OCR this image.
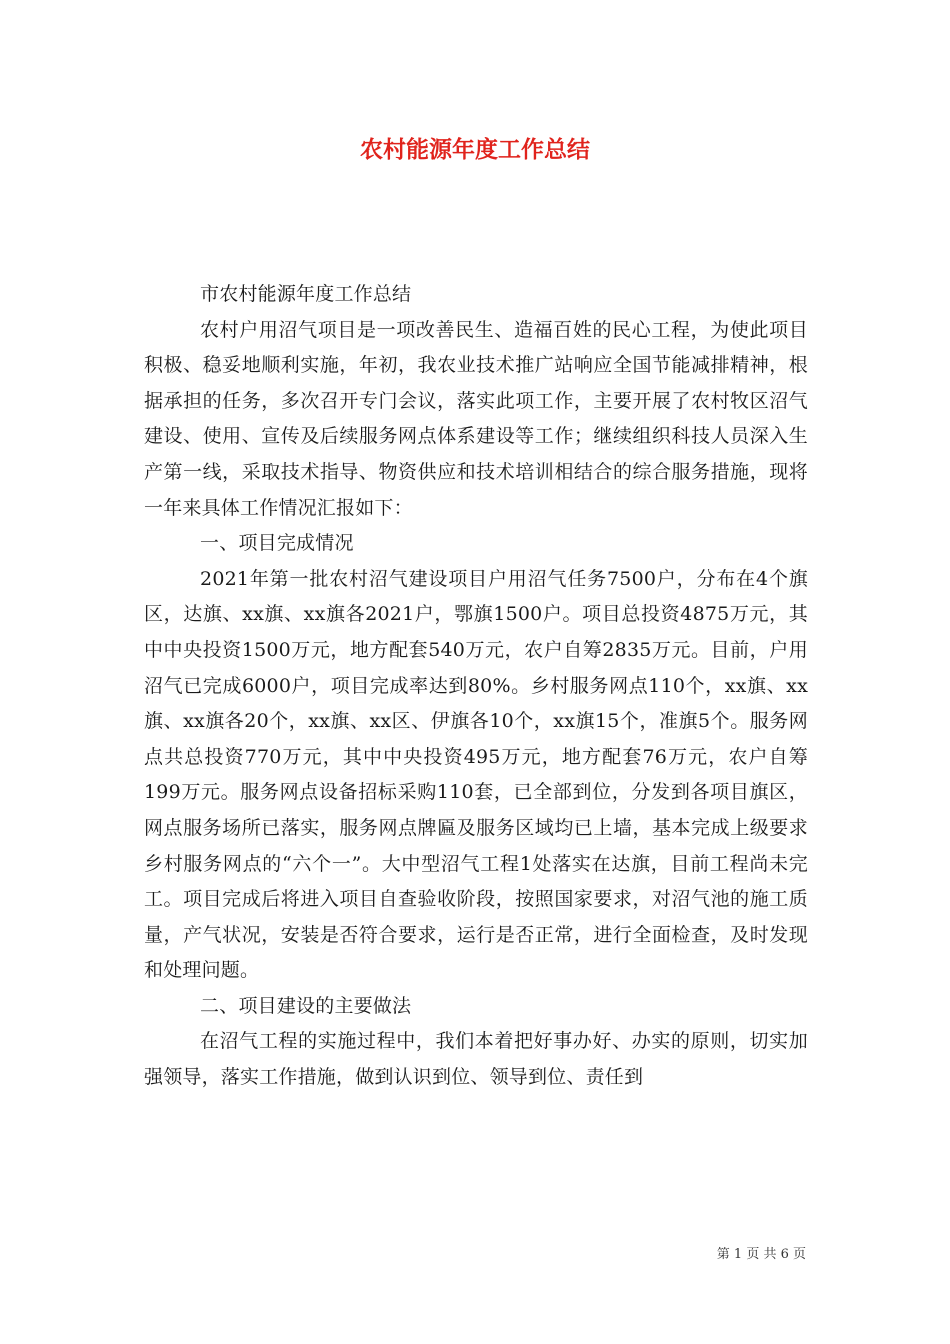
农村能源年度工作总结

市农村能源年度工作总结

农村户用沼气项目是一项改善民生、造福百姓的民心工程，为使此项目积极、稳妥地顺利实施，年初，我农业技术推广站响应全国节能减排精神，根据承担的任务，多次召开专门会议，落实此项工作，主要开展了农村牧区沼气建设、使用、宣传及后续服务网点体系建设等工作；继续组织科技人员深入生产第一线，采取技术指导、物资供应和技术培训相结合的综合服务措施，现将一年来具体工作情况汇报如下：

一、项目完成情况

2021年第一批农村沼气建设项目户用沼气任务7500户，分布在4个旗区，达旗、xx旗、xx旗各2021户，鄂旗1500户。项目总投资4875万元，其中中央投资1500万元，地方配套540万元，农户自筹2835万元。目前，户用沼气已完成6000户，项目完成率达到80%。乡村服务网点110个，xx旗、xx旗、xx旗各20个，xx旗、xx区、伊旗各10个，xx旗15个，准旗5个。服务网点共总投资770万元，其中中央投资495万元，地方配套76万元，农户自筹199万元。服务网点设备招标采购110套，已全部到位，分发到各项目旗区，网点服务场所已落实，服务网点牌匾及服务区域均已上墙，基本完成上级要求乡村服务网点的“六个一”。大中型沼气工程1处落实在达旗，目前工程尚未完工。项目完成后将进入项目自查验收阶段，按照国家要求，对沼气池的施工质量，产气状况，安装是否符合要求，运行是否正常，进行全面检查，及时发现和处理问题。

二、项目建设的主要做法

在沼气工程的实施过程中，我们本着把好事办好、办实的原则，切实加强领导，落实工作措施，做到认识到位、领导到位、责任到

第 1 页 共 6 页
